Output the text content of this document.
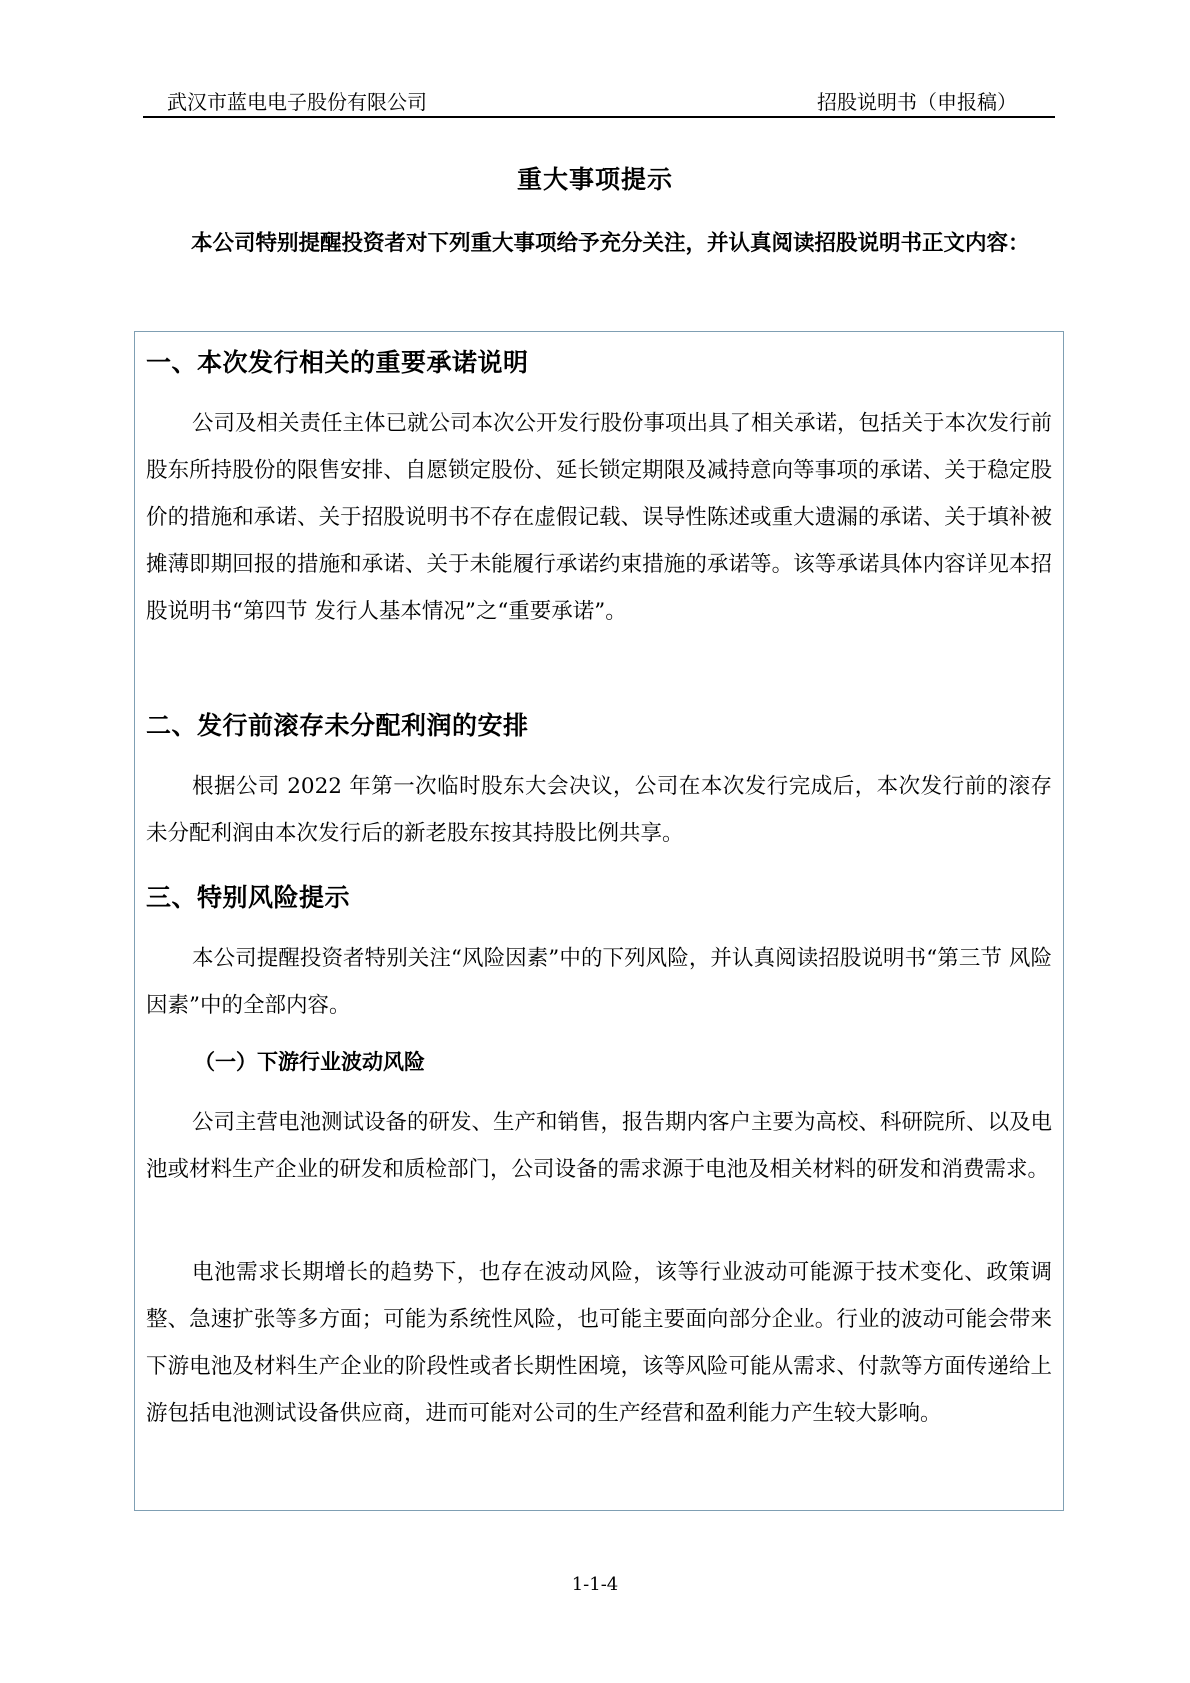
武汉市蓝电电子股份有限公司	招股说明书（申报稿）
重大事项提示
本公司特别提醒投资者对下列重大事项给予充分关注，并认真阅读招股说明书正文内容：
一、本次发行相关的重要承诺说明
公司及相关责任主体已就公司本次公开发行股份事项出具了相关承诺，包括关于本次发行前股东所持股份的限售安排、自愿锁定股份、延长锁定期限及减持意向等事项的承诺、关于稳定股价的措施和承诺、关于招股说明书不存在虚假记载、误导性陈述或重大遗漏的承诺、关于填补被摊薄即期回报的措施和承诺、关于未能履行承诺约束措施的承诺等。该等承诺具体内容详见本招股说明书“第四节 发行人基本情况”之“重要承诺”。
二、发行前滚存未分配利润的安排
根据公司 2022 年第一次临时股东大会决议，公司在本次发行完成后，本次发行前的滚存未分配利润由本次发行后的新老股东按其持股比例共享。
三、特别风险提示
本公司提醒投资者特别关注“风险因素”中的下列风险，并认真阅读招股说明书“第三节 风险因素”中的全部内容。
（一）下游行业波动风险
公司主营电池测试设备的研发、生产和销售，报告期内客户主要为高校、科研院所、以及电池或材料生产企业的研发和质检部门，公司设备的需求源于电池及相关材料的研发和消费需求。
电池需求长期增长的趋势下，也存在波动风险，该等行业波动可能源于技术变化、政策调整、急速扩张等多方面；可能为系统性风险，也可能主要面向部分企业。行业的波动可能会带来下游电池及材料生产企业的阶段性或者长期性困境，该等风险可能从需求、付款等方面传递给上游包括电池测试设备供应商，进而可能对公司的生产经营和盈利能力产生较大影响。
1-1-4
